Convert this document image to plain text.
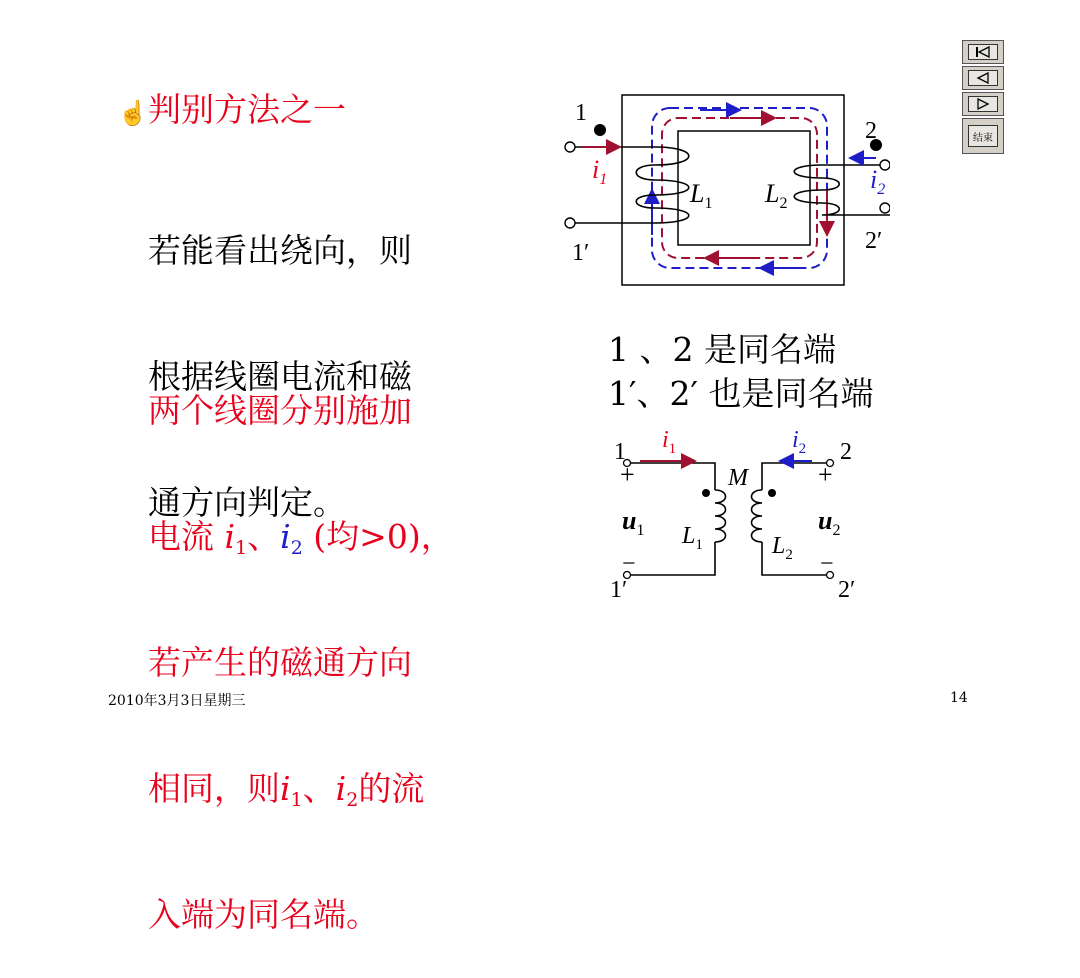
☝判别方法之一

若能看出绕向，则

根据线圈电流和磁

通方向判定。

两个线圈分别施加

电流 $i_1$、$i_2$ (均>0)，

若产生的磁通方向

相同，则$i_1$、$i_2$的流

入端为同名端。

1
1′
$i_1$	$L_1$ $L_2$
$i_2$
2
2′
1 、2 是同名端
1′、2′ 也是同名端
1
1′
2
2′
+	+
−	−
$u_1$	$u_2$
$L_1$	$L_2$
M
$i_1$	$i_2$
结束
2010年3月3日星期三	14
